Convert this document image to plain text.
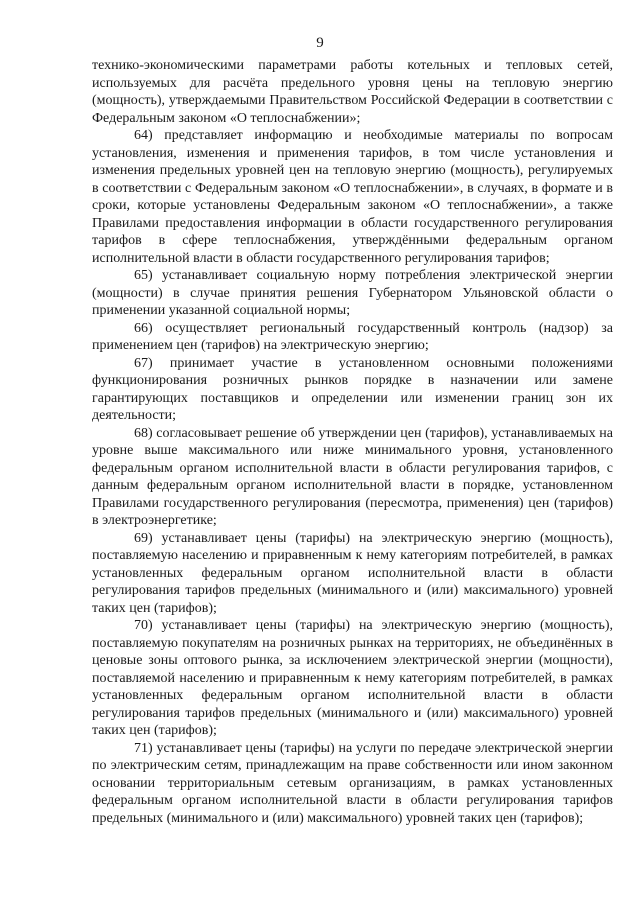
9

технико-экономическими параметрами работы котельных и тепловых сетей, используемых для расчёта предельного уровня цены на тепловую энергию (мощность), утверждаемыми Правительством Российской Федерации в соответствии с Федеральным законом «О теплоснабжении»;

64) представляет информацию и необходимые материалы по вопросам установления, изменения и применения тарифов, в том числе установления и изменения предельных уровней цен на тепловую энергию (мощность), регулируемых в соответствии с Федеральным законом «О теплоснабжении», в случаях, в формате и в сроки, которые установлены Федеральным законом «О теплоснабжении», а также Правилами предоставления информации в области государственного регулирования тарифов в сфере теплоснабжения, утверждёнными федеральным органом исполнительной власти в области государственного регулирования тарифов;

65) устанавливает социальную норму потребления электрической энергии (мощности) в случае принятия решения Губернатором Ульяновской области о применении указанной социальной нормы;

66) осуществляет региональный государственный контроль (надзор) за применением цен (тарифов) на электрическую энергию;

67) принимает участие в установленном основными положениями функционирования розничных рынков порядке в назначении или замене гарантирующих поставщиков и определении или изменении границ зон их деятельности;

68) согласовывает решение об утверждении цен (тарифов), устанавливаемых на уровне выше максимального или ниже минимального уровня, установленного федеральным органом исполнительной власти в области регулирования тарифов, с данным федеральным органом исполнительной власти в порядке, установленном Правилами государственного регулирования (пересмотра, применения) цен (тарифов) в электроэнергетике;

69) устанавливает цены (тарифы) на электрическую энергию (мощность), поставляемую населению и приравненным к нему категориям потребителей, в рамках установленных федеральным органом исполнительной власти в области регулирования тарифов предельных (минимального и (или) максимального) уровней таких цен (тарифов);

70) устанавливает цены (тарифы) на электрическую энергию (мощность), поставляемую покупателям на розничных рынках на территориях, не объединённых в ценовые зоны оптового рынка, за исключением электрической энергии (мощности), поставляемой населению и приравненным к нему категориям потребителей, в рамках установленных федеральным органом исполнительной власти в области регулирования тарифов предельных (минимального и (или) максимального) уровней таких цен (тарифов);

71) устанавливает цены (тарифы) на услуги по передаче электрической энергии по электрическим сетям, принадлежащим на праве собственности или ином законном основании территориальным сетевым организациям, в рамках установленных федеральным органом исполнительной власти в области регулирования тарифов предельных (минимального и (или) максимального) уровней таких цен (тарифов);
